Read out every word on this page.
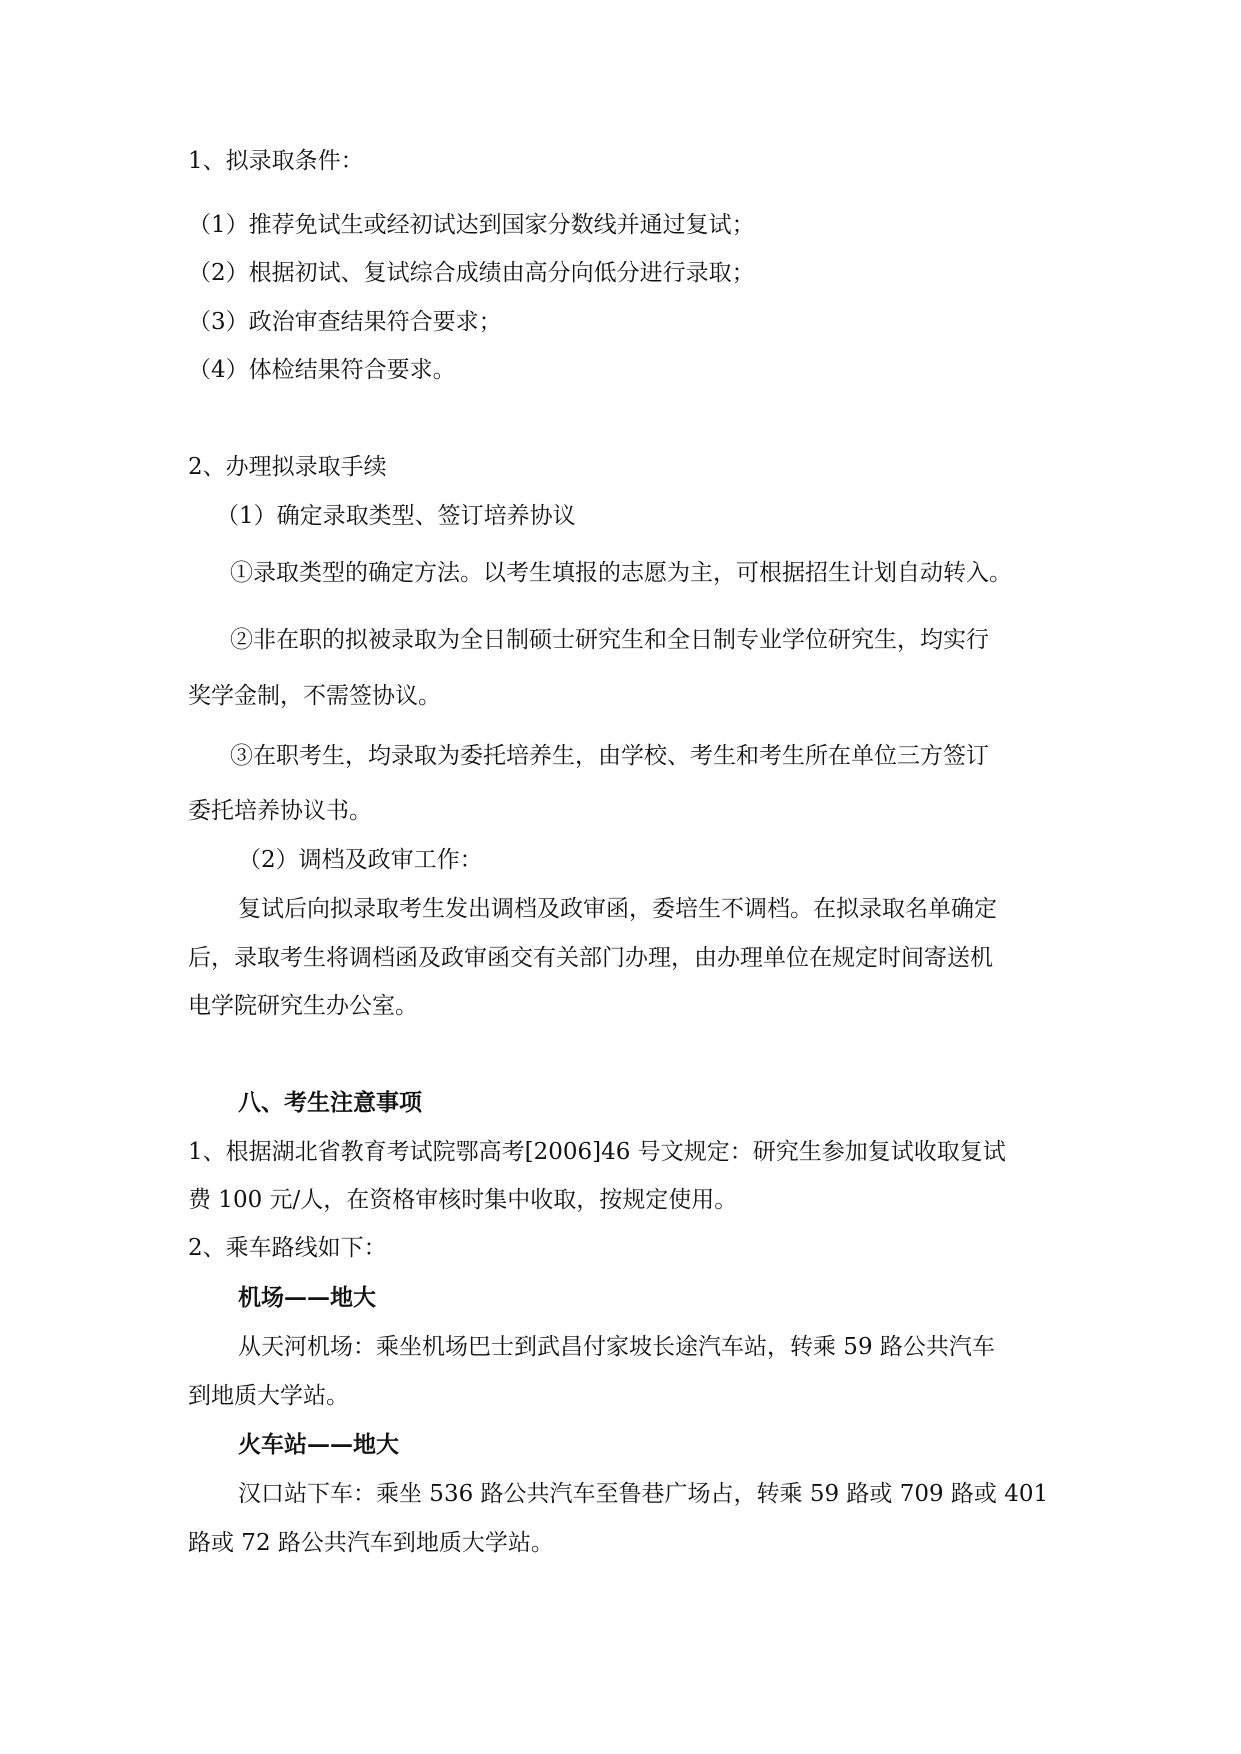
1、拟录取条件：
（1）推荐免试生或经初试达到国家分数线并通过复试；
（2）根据初试、复试综合成绩由高分向低分进行录取；
（3）政治审查结果符合要求；
（4）体检结果符合要求。
2、办理拟录取手续
（1）确定录取类型、签订培养协议
①录取类型的确定方法。以考生填报的志愿为主，可根据招生计划自动转入。
②非在职的拟被录取为全日制硕士研究生和全日制专业学位研究生，均实行
奖学金制，不需签协议。
③在职考生，均录取为委托培养生，由学校、考生和考生所在单位三方签订
委托培养协议书。
（2）调档及政审工作：
复试后向拟录取考生发出调档及政审函，委培生不调档。在拟录取名单确定
后，录取考生将调档函及政审函交有关部门办理，由办理单位在规定时间寄送机
电学院研究生办公室。
八、考生注意事项
1、根据湖北省教育考试院鄂高考[2006]46 号文规定：研究生参加复试收取复试
费 100 元/人，在资格审核时集中收取，按规定使用。
2、乘车路线如下：
机场——地大
从天河机场：乘坐机场巴士到武昌付家坡长途汽车站，转乘 59 路公共汽车
到地质大学站。
火车站——地大
汉口站下车：乘坐 536 路公共汽车至鲁巷广场占，转乘 59 路或 709 路或 401
路或 72 路公共汽车到地质大学站。
